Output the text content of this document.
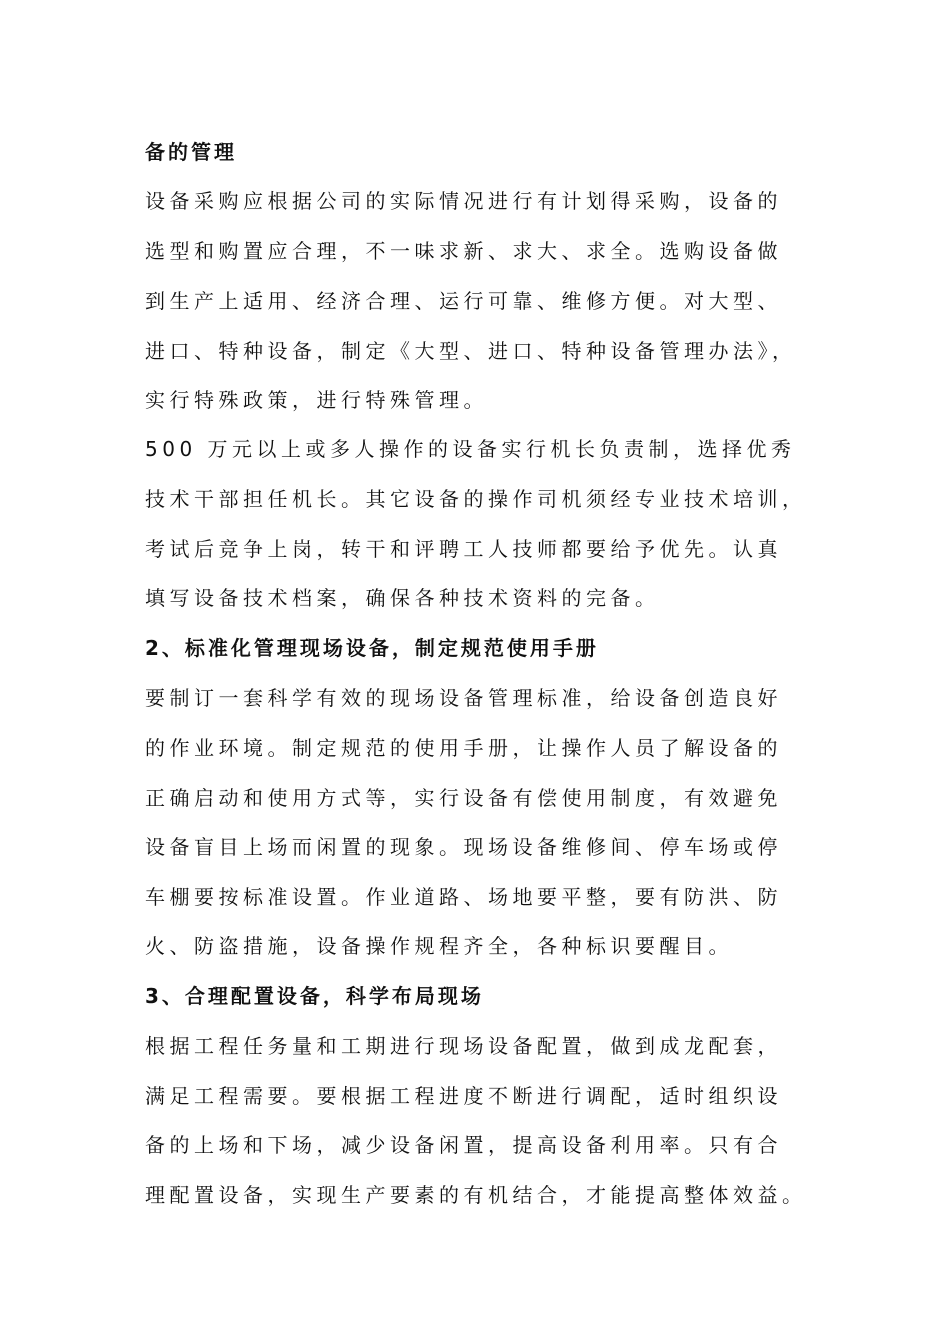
备的管理
设备采购应根据公司的实际情况进行有计划得采购，设备的
选型和购置应合理，不一味求新、求大、求全。选购设备做
到生产上适用、经济合理、运行可靠、维修方便。对大型、
进口、特种设备，制定《大型、进口、特种设备管理办法》，
实行特殊政策，进行特殊管理。
500 万元以上或多人操作的设备实行机长负责制，选择优秀
技术干部担任机长。其它设备的操作司机须经专业技术培训，
考试后竞争上岗，转干和评聘工人技师都要给予优先。认真
填写设备技术档案，确保各种技术资料的完备。
2、标准化管理现场设备，制定规范使用手册
要制订一套科学有效的现场设备管理标准，给设备创造良好
的作业环境。制定规范的使用手册，让操作人员了解设备的
正确启动和使用方式等，实行设备有偿使用制度，有效避免
设备盲目上场而闲置的现象。现场设备维修间、停车场或停
车棚要按标准设置。作业道路、场地要平整，要有防洪、防
火、防盗措施，设备操作规程齐全，各种标识要醒目。
3、合理配置设备，科学布局现场
根据工程任务量和工期进行现场设备配置，做到成龙配套，
满足工程需要。要根据工程进度不断进行调配，适时组织设
备的上场和下场，减少设备闲置，提高设备利用率。只有合
理配置设备，实现生产要素的有机结合，才能提高整体效益。
